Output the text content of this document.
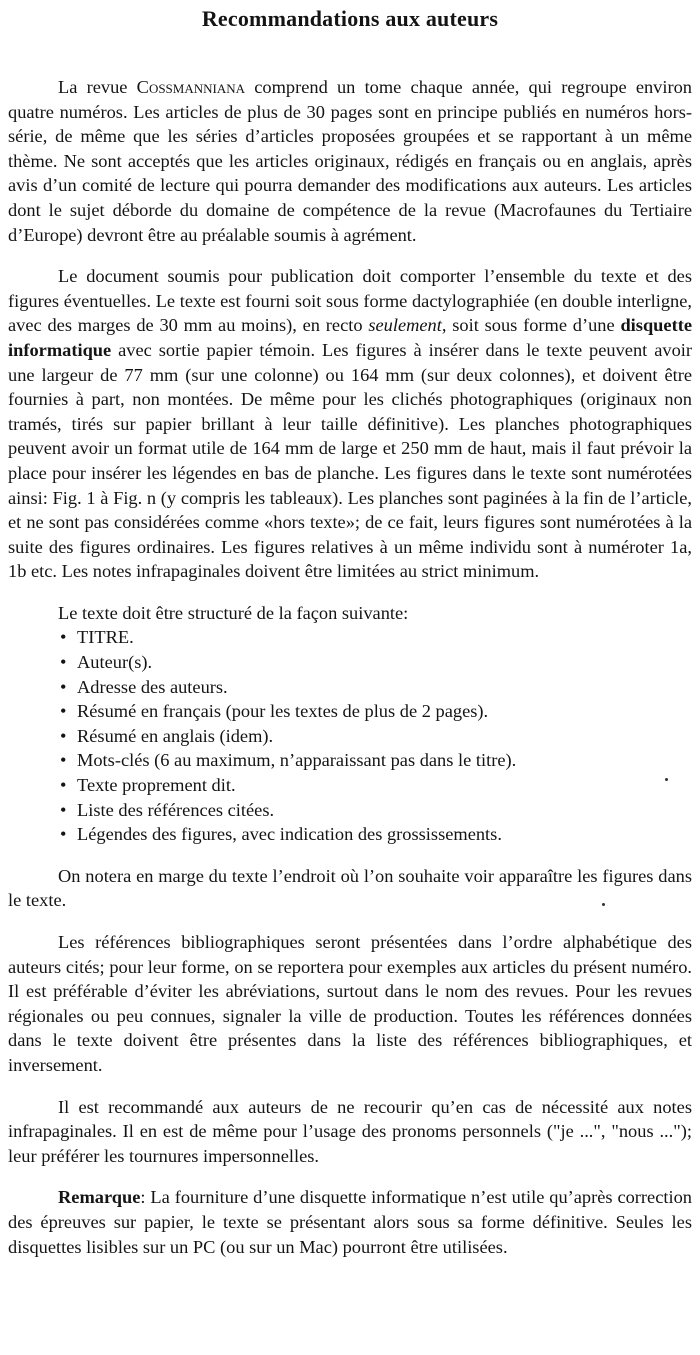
Recommandations aux auteurs

La revue Cossmanniana comprend un tome chaque année, qui regroupe environ quatre numéros. Les articles de plus de 30 pages sont en principe publiés en numéros hors-série, de même que les séries d’articles proposées groupées et se rapportant à un même thème. Ne sont acceptés que les articles originaux, rédigés en français ou en anglais, après avis d’un comité de lecture qui pourra demander des modifications aux auteurs. Les articles dont le sujet déborde du domaine de compétence de la revue (Macrofaunes du Tertiaire d’Europe) devront être au préalable soumis à agrément.

Le document soumis pour publication doit comporter l’ensemble du texte et des figures éventuelles. Le texte est fourni soit sous forme dactylographiée (en double interligne, avec des marges de 30 mm au moins), en recto seulement, soit sous forme d’une disquette informatique avec sortie papier témoin. Les figures à insérer dans le texte peuvent avoir une largeur de 77 mm (sur une colonne) ou 164 mm (sur deux colonnes), et doivent être fournies à part, non montées. De même pour les clichés photographiques (originaux non tramés, tirés sur papier brillant à leur taille définitive). Les planches photographiques peuvent avoir un format utile de 164 mm de large et 250 mm de haut, mais il faut prévoir la place pour insérer les légendes en bas de planche. Les figures dans le texte sont numérotées ainsi: Fig. 1 à Fig. n (y compris les tableaux). Les planches sont paginées à la fin de l’article, et ne sont pas considérées comme «hors texte»; de ce fait, leurs figures sont numérotées à la suite des figures ordinaires. Les figures relatives à un même individu sont à numéroter 1a, 1b etc. Les notes infrapaginales doivent être limitées au strict minimum.

Le texte doit être structuré de la façon suivante:

• TITRE.
• Auteur(s).
• Adresse des auteurs.
• Résumé en français (pour les textes de plus de 2 pages).
• Résumé en anglais (idem).
• Mots-clés (6 au maximum, n’apparaissant pas dans le titre).
• Texte proprement dit.
• Liste des références citées.
• Légendes des figures, avec indication des grossissements.

On notera en marge du texte l’endroit où l’on souhaite voir apparaître les figures dans le texte.

Les références bibliographiques seront présentées dans l’ordre alphabétique des auteurs cités; pour leur forme, on se reportera pour exemples aux articles du présent numéro. Il est préférable d’éviter les abréviations, surtout dans le nom des revues. Pour les revues régionales ou peu connues, signaler la ville de production. Toutes les références données dans le texte doivent être présentes dans la liste des références bibliographiques, et inversement.

Il est recommandé aux auteurs de ne recourir qu’en cas de nécessité aux notes infrapaginales. Il en est de même pour l’usage des pronoms personnels ("je ...", "nous ..."); leur préférer les tournures impersonnelles.

Remarque: La fourniture d’une disquette informatique n’est utile qu’après correction des épreuves sur papier, le texte se présentant alors sous sa forme définitive. Seules les disquettes lisibles sur un PC (ou sur un Mac) pourront être utilisées.
